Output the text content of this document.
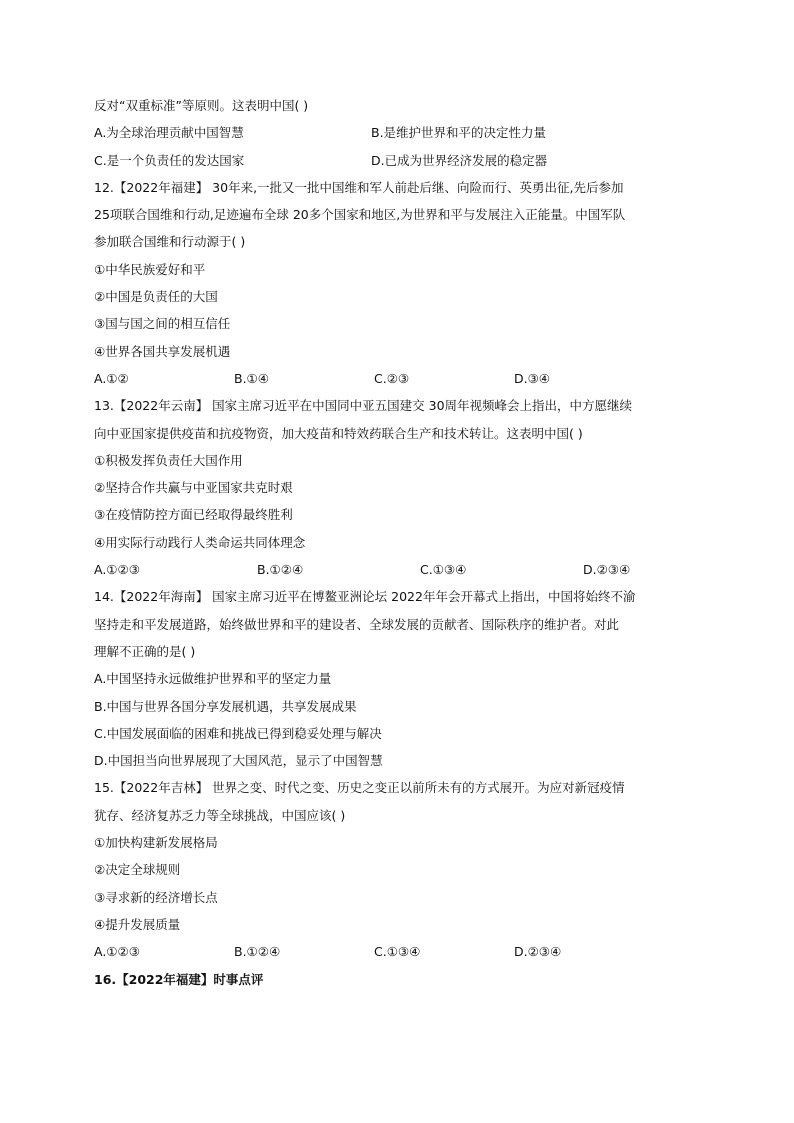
反对“双重标准”等原则。这表明中国( )
A.为全球治理贡献中国智慧	B.是维护世界和平的决定性力量
C.是一个负责任的发达国家	D.已成为世界经济发展的稳定器
12.【2022年福建】 30年来,一批又一批中国维和军人前赴后继、向险而行、英勇出征,先后参加
25项联合国维和行动,足迹遍布全球 20多个国家和地区,为世界和平与发展注入正能量。中国军队
参加联合国维和行动源于( )
①中华民族爱好和平
②中国是负责任的大国
③国与国之间的相互信任
④世界各国共享发展机遇
A.①②	B.①④	C.②③	D.③④
13.【2022年云南】 国家主席习近平在中国同中亚五国建交 30周年视频峰会上指出，中方愿继续
向中亚国家提供疫苗和抗疫物资，加大疫苗和特效药联合生产和技术转让。这表明中国( )
①积极发挥负责任大国作用
②坚持合作共赢与中亚国家共克时艰
③在疫情防控方面已经取得最终胜利
④用实际行动践行人类命运共同体理念
A.①②③	B.①②④	C.①③④	D.②③④
14.【2022年海南】 国家主席习近平在博鳌亚洲论坛 2022年年会开幕式上指出，中国将始终不渝
坚持走和平发展道路，始终做世界和平的建设者、全球发展的贡献者、国际秩序的维护者。对此
理解不正确的是( )
A.中国坚持永远做维护世界和平的坚定力量
B.中国与世界各国分享发展机遇，共享发展成果
C.中国发展面临的困难和挑战已得到稳妥处理与解决
D.中国担当向世界展现了大国风范，显示了中国智慧
15.【2022年吉林】 世界之变、时代之变、历史之变正以前所未有的方式展开。为应对新冠疫情
犹存、经济复苏乏力等全球挑战，中国应该( )
①加快构建新发展格局
②决定全球规则
③寻求新的经济增长点
④提升发展质量
A.①②③	B.①②④	C.①③④	D.②③④
16.【2022年福建】时事点评
